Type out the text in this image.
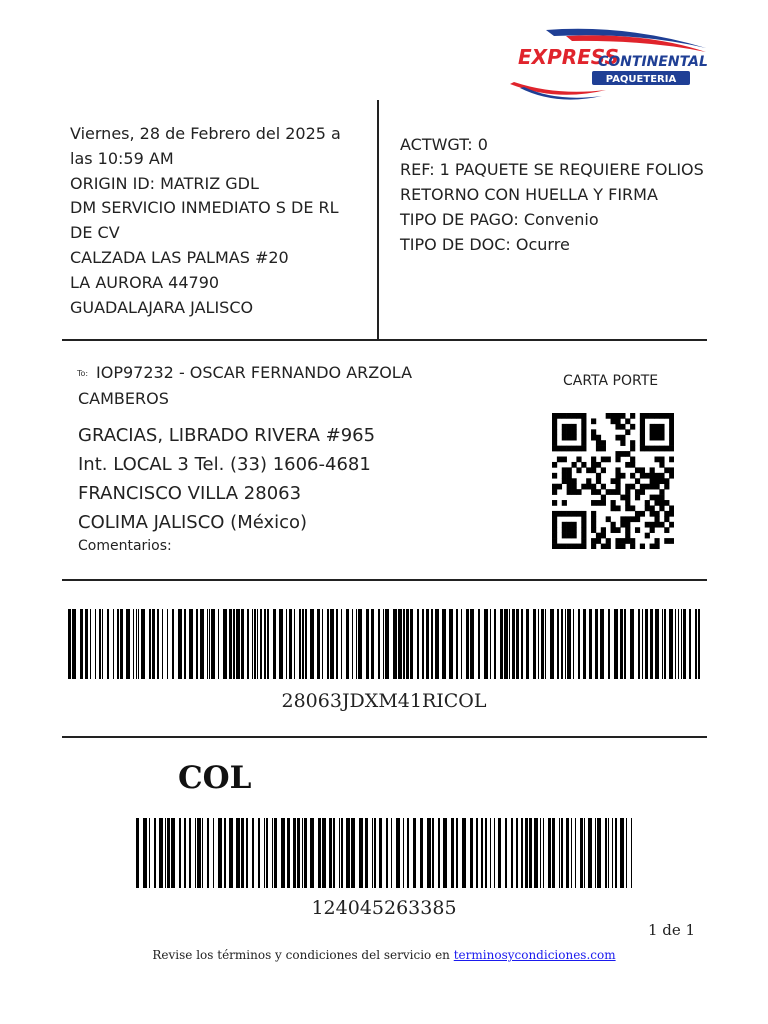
EXPRESS
CONTINENTAL
PAQUETERIA
Viernes, 28 de Febrero del 2025 a
las 10:59 AM
ORIGIN ID: MATRIZ GDL
DM SERVICIO INMEDIATO S DE RL
DE CV
CALZADA LAS PALMAS #20
LA AURORA 44790
GUADALAJARA JALISCO
ACTWGT: 0
REF: 1 PAQUETE SE REQUIERE FOLIOS
RETORNO CON HUELLA Y FIRMA
TIPO DE PAGO: Convenio
TIPO DE DOC: Ocurre
To: IOP97232 - OSCAR FERNANDO ARZOLA CAMBEROS
GRACIAS, LIBRADO RIVERA #965
Int. LOCAL 3 Tel. (33) 1606-4681
FRANCISCO VILLA 28063
COLIMA JALISCO (México)
Comentarios:
CARTA PORTE
28063JDXM41RICOL
COL
124045263385
1 de 1
Revise los términos y condiciones del servicio en terminosycondiciones.com
